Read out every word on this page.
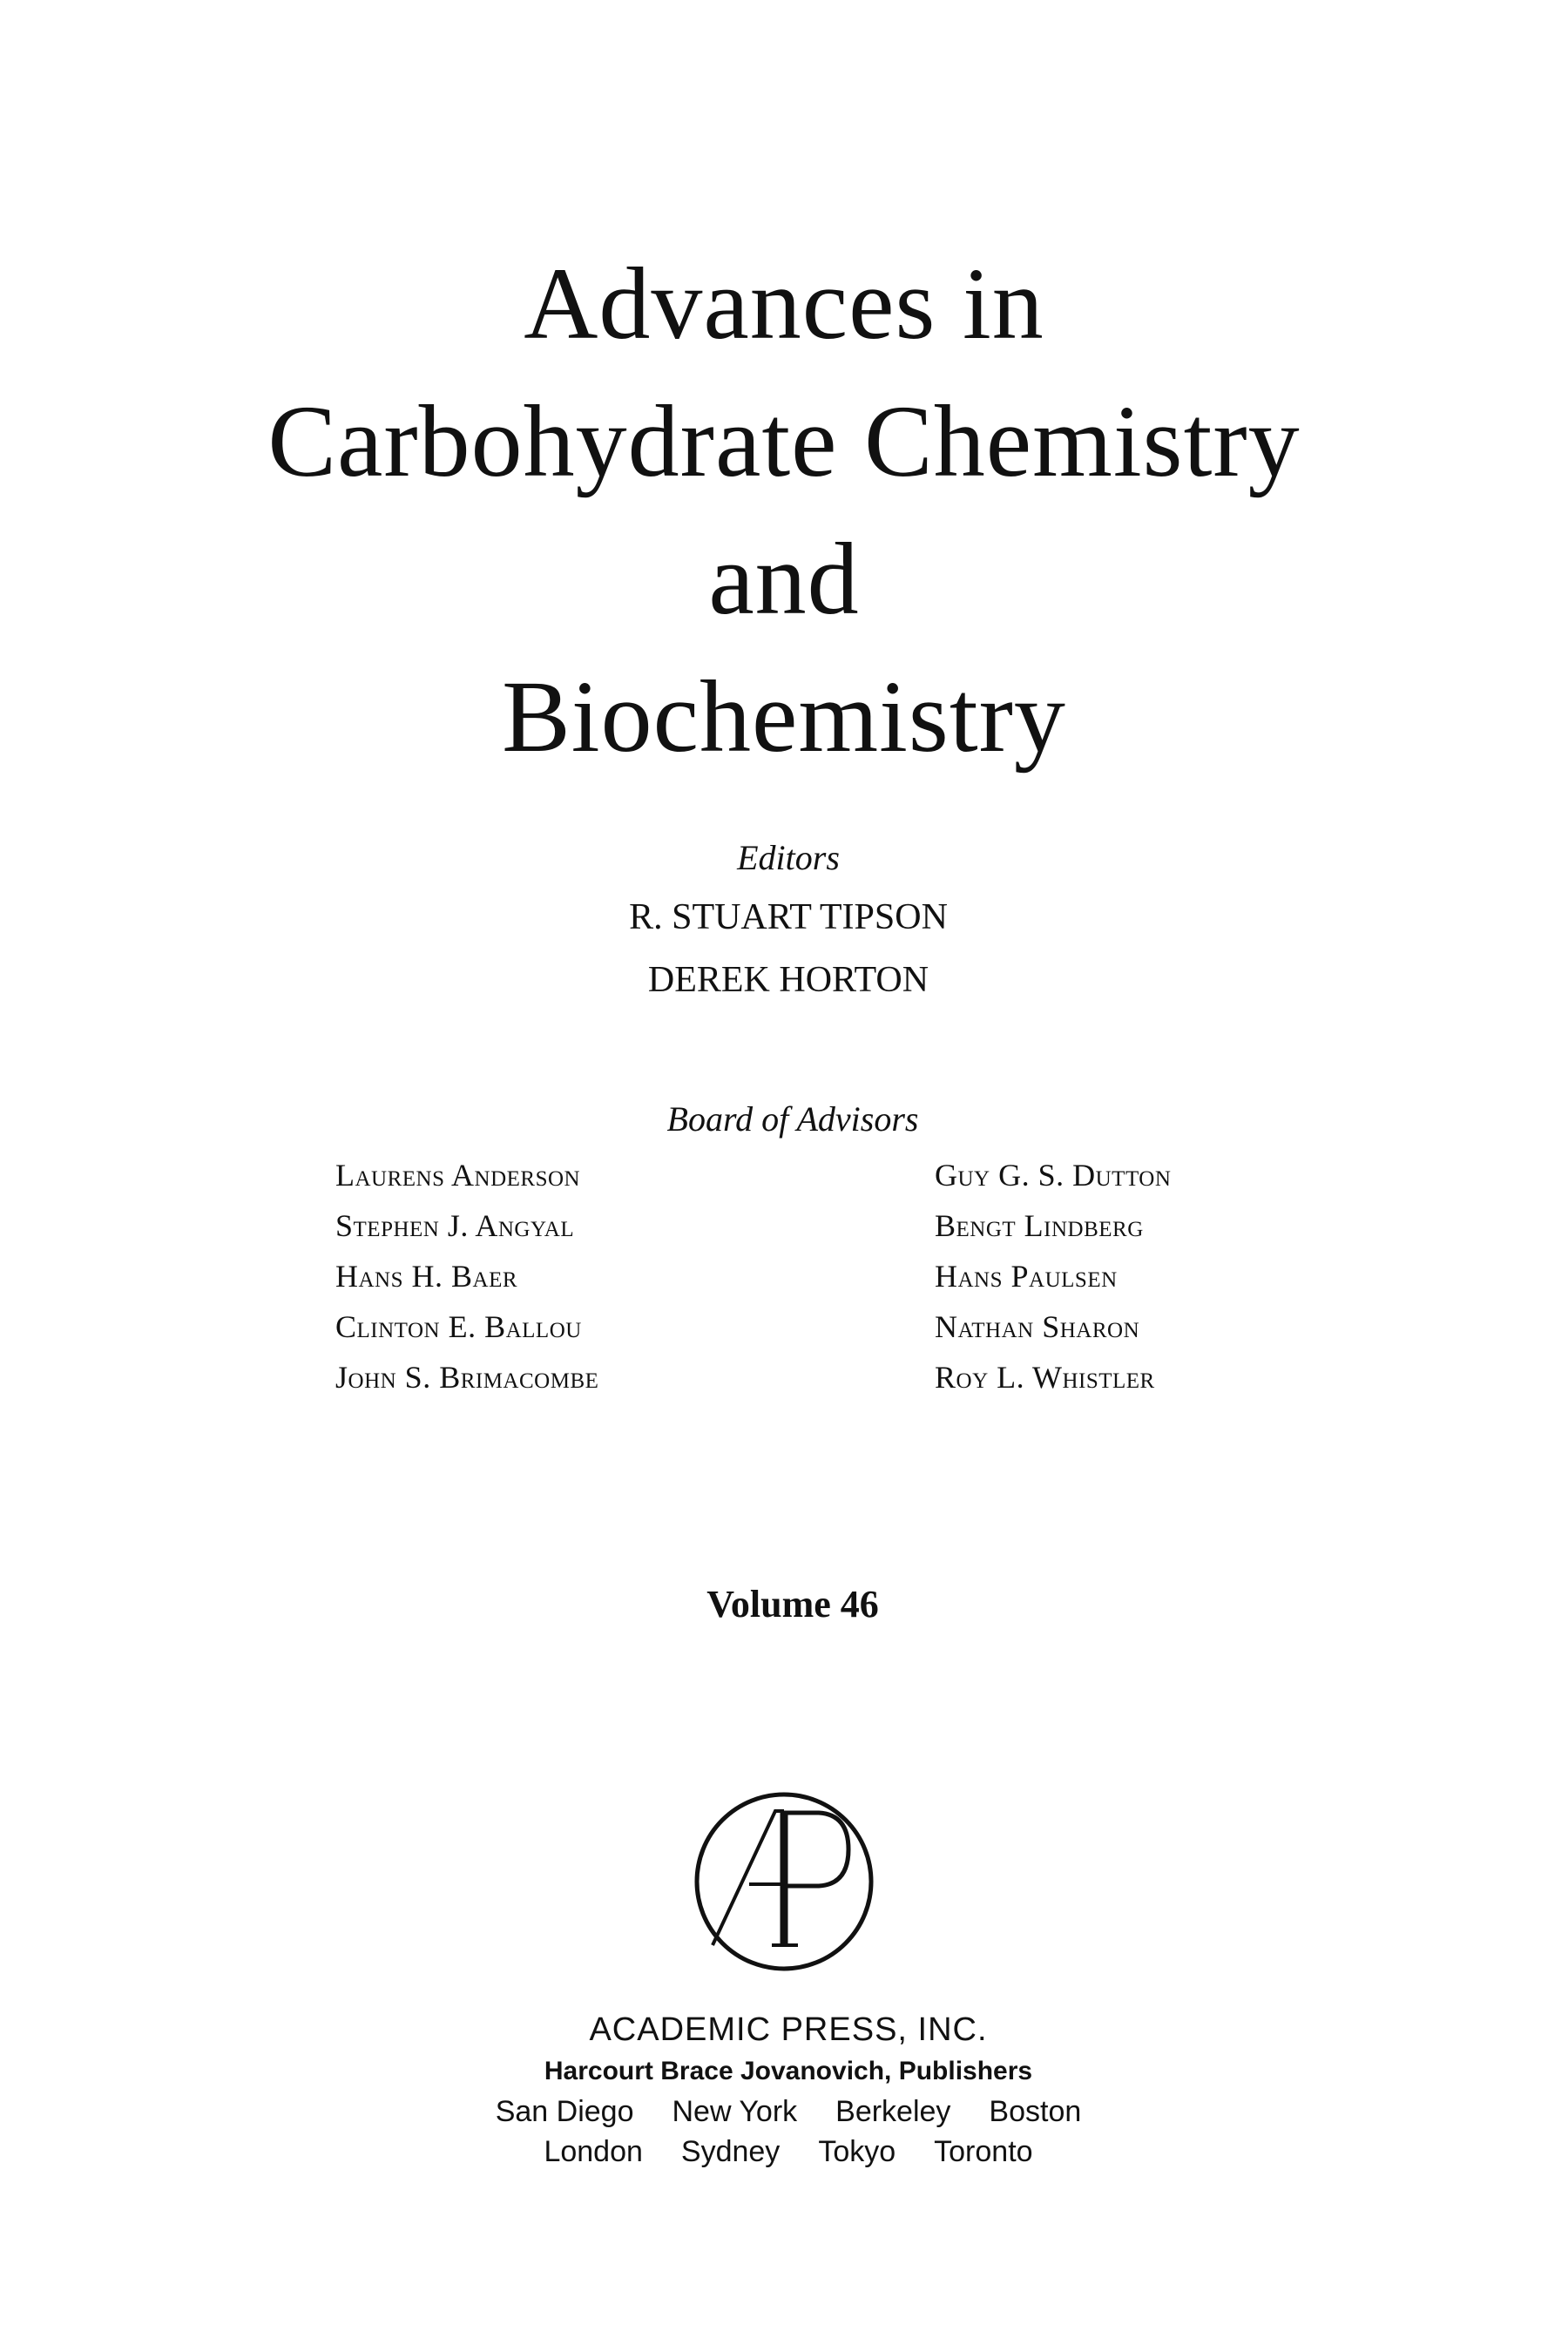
Advances in
Carbohydrate Chemistry
and
Biochemistry
Editors
R. STUART TIPSON
DEREK HORTON
Board of Advisors
Laurens Anderson
Stephen J. Angyal
Hans H. Baer
Clinton E. Ballou
John S. Brimacombe
Guy G. S. Dutton
Bengt Lindberg
Hans Paulsen
Nathan Sharon
Roy L. Whistler
Volume 46
ACADEMIC PRESS, INC.
Harcourt Brace Jovanovich, Publishers
San Diego New York Berkeley Boston
London Sydney Tokyo Toronto
